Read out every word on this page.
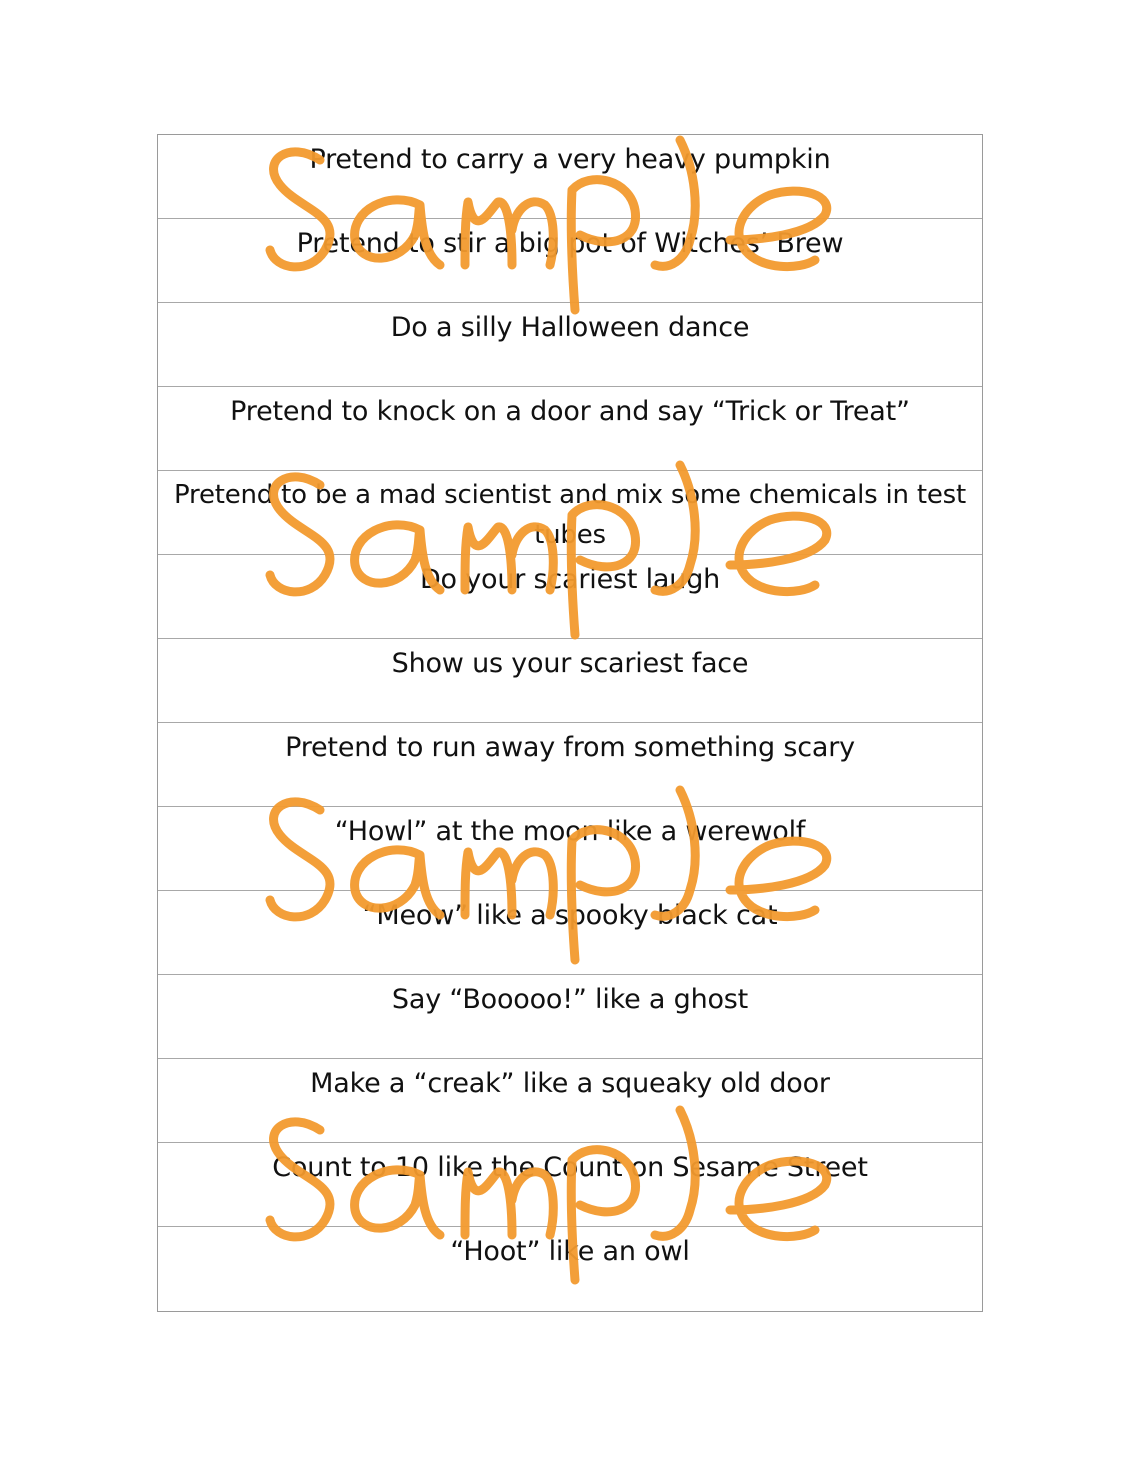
Pretend to carry a very heavy pumpkin
Pretend to stir a big pot of Witches’ Brew
Do a silly Halloween dance
Pretend to knock on a door and say “Trick or Treat”
Pretend to be a mad scientist and mix some chemicals in test tubes
Do your scariest laugh
Show us your scariest face
Pretend to run away from something scary
“Howl” at the moon like a werewolf
“Meow” like a spooky black cat
Say “Booooo!” like a ghost
Make a “creak” like a squeaky old door
Count to 10 like the Count on Sesame Street
“Hoot” like an owl
